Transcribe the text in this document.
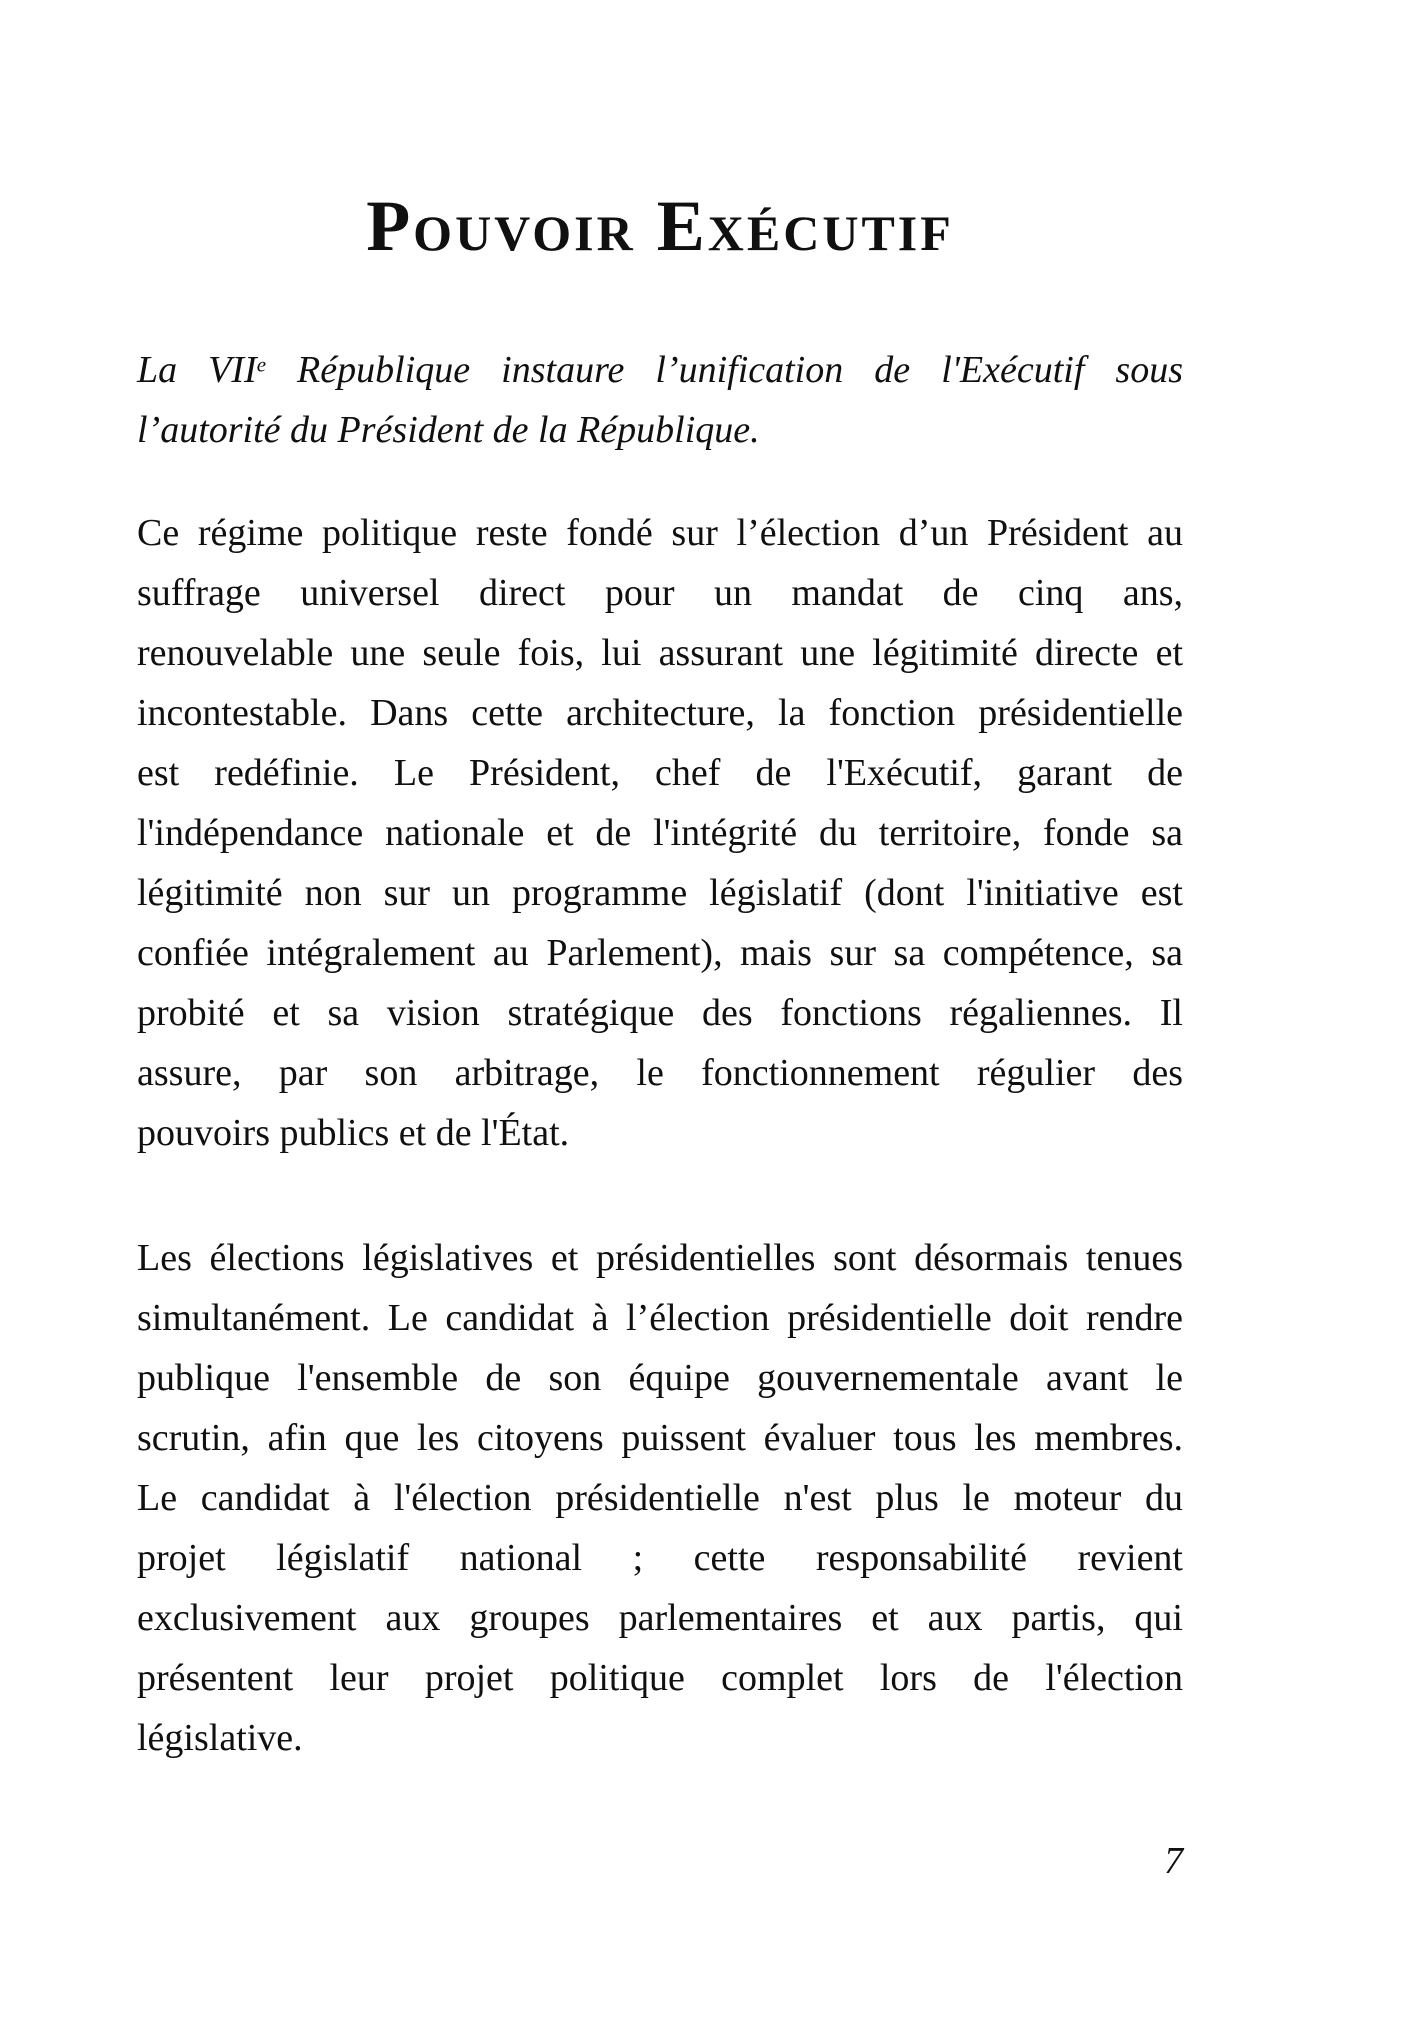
Pouvoir Exécutif
La VIIe République instaure l’unification de l'Exécutif sous
l’autorité du Président de la République.
Ce régime politique reste fondé sur l’élection d’un Président au
suffrage universel direct pour un mandat de cinq ans,
renouvelable une seule fois, lui assurant une légitimité directe et
incontestable. Dans cette architecture, la fonction présidentielle
est redéfinie. Le Président, chef de l'Exécutif, garant de
l'indépendance nationale et de l'intégrité du territoire, fonde sa
légitimité non sur un programme législatif (dont l'initiative est
confiée intégralement au Parlement), mais sur sa compétence, sa
probité et sa vision stratégique des fonctions régaliennes. Il
assure, par son arbitrage, le fonctionnement régulier des
pouvoirs publics et de l'État.
Les élections législatives et présidentielles sont désormais tenues
simultanément. Le candidat à l’élection présidentielle doit rendre
publique l'ensemble de son équipe gouvernementale avant le
scrutin, afin que les citoyens puissent évaluer tous les membres.
Le candidat à l'élection présidentielle n'est plus le moteur du
projet législatif national ; cette responsabilité revient
exclusivement aux groupes parlementaires et aux partis, qui
présentent leur projet politique complet lors de l'élection
législative.
7
